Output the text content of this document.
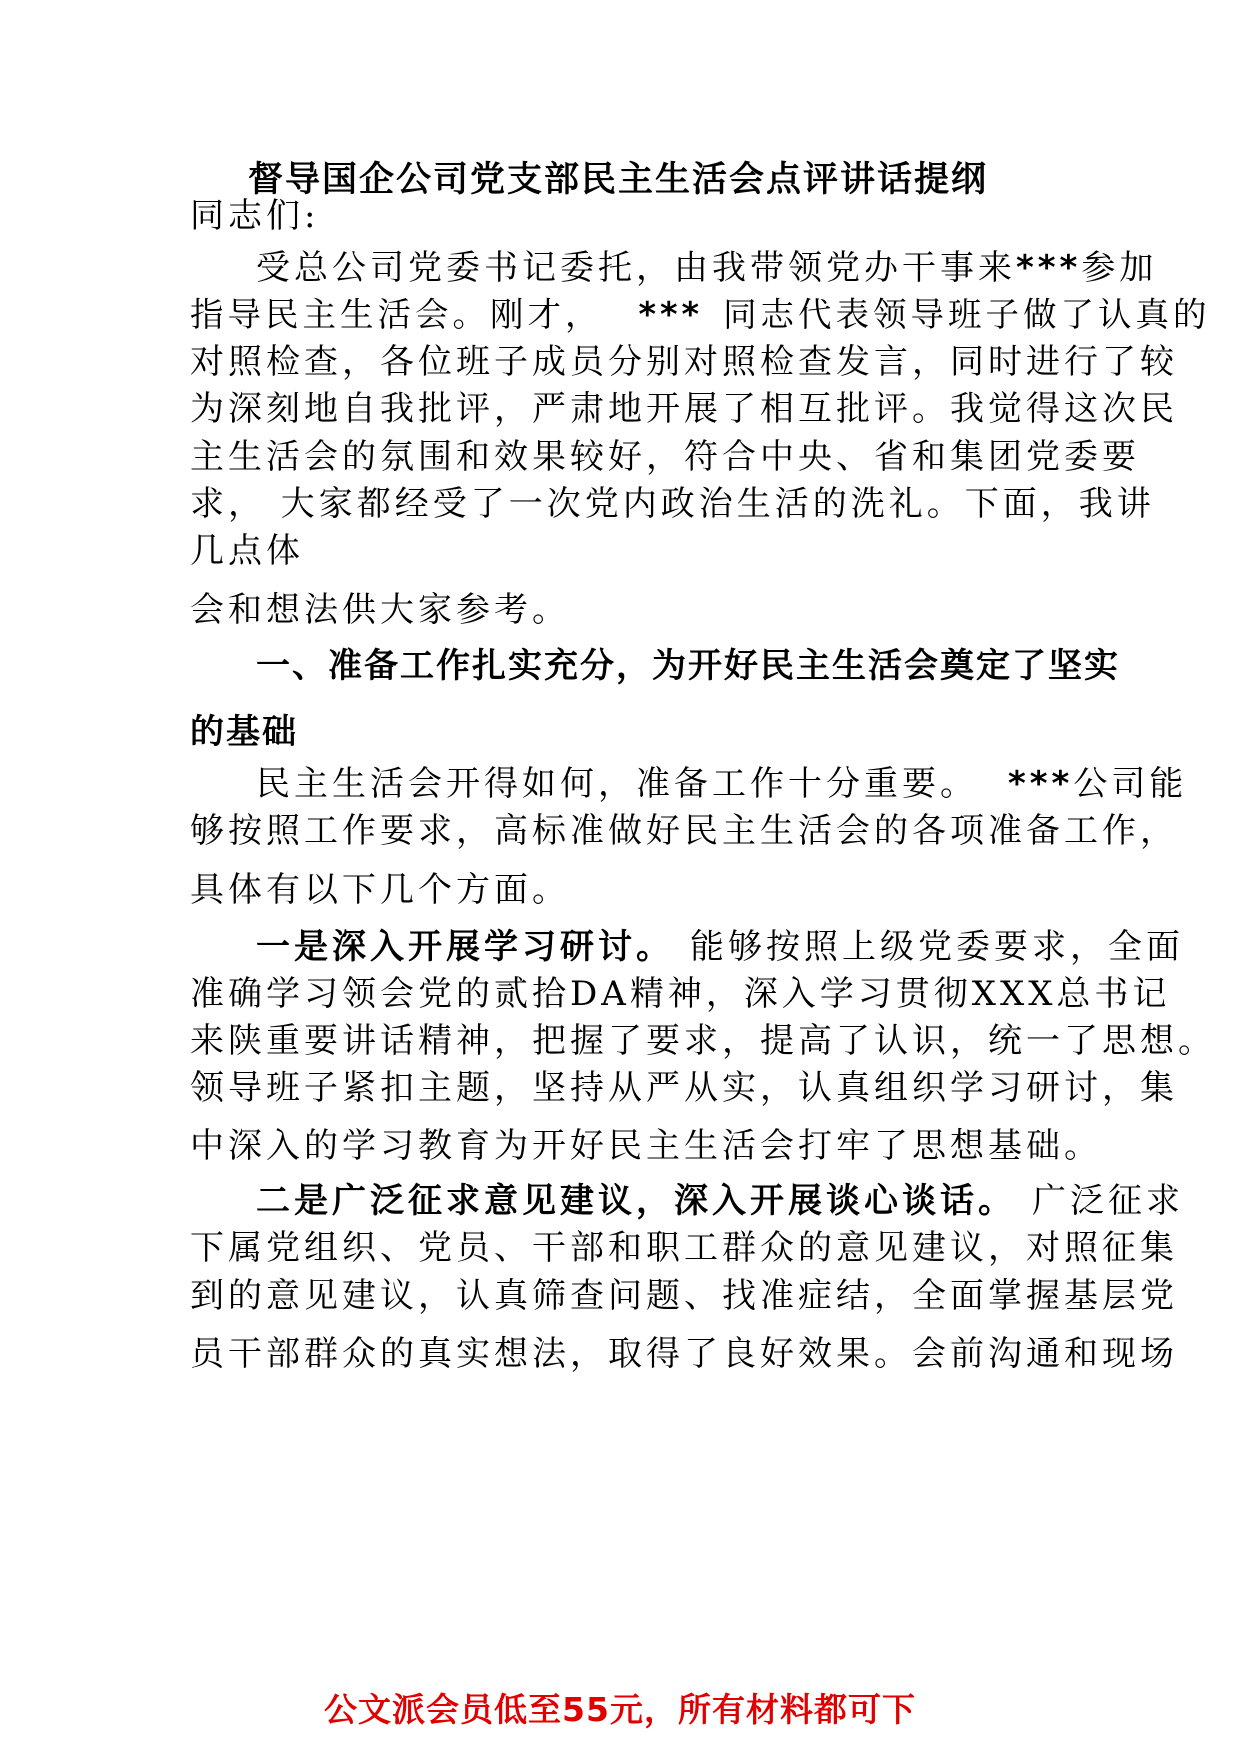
督导国企公司党支部民主生活会点评讲话提纲
同志们:
受总公司党委书记委托，由我带领党办干事来***参加
指导民主生活会。刚才， *** 同志代表领导班子做了认真的
对照检查，各位班子成员分别对照检查发言，同时进行了较
为深刻地自我批评，严肃地开展了相互批评。我觉得这次民
主生活会的氛围和效果较好，符合中央、省和集团党委要
求， 大家都经受了一次党内政治生活的洗礼。下面，我讲
几点体
会和想法供大家参考。
一、准备工作扎实充分，为开好民主生活会奠定了坚实
的基础
民主生活会开得如何，准备工作十分重要。 ***公司能
够按照工作要求，高标准做好民主生活会的各项准备工作，
具体有以下几个方面。
一是深入开展学习研讨。 能够按照上级党委要求，全面
准确学习领会党的贰拾DA精神，深入学习贯彻XXX总书记
来陕重要讲话精神，把握了要求，提高了认识，统一了思想。
领导班子紧扣主题，坚持从严从实，认真组织学习研讨，集
中深入的学习教育为开好民主生活会打牢了思想基础。
二是广泛征求意见建议，深入开展谈心谈话。 广泛征求
下属党组织、党员、干部和职工群众的意见建议，对照征集
到的意见建议，认真筛查问题、找准症结，全面掌握基层党
员干部群众的真实想法，取得了良好效果。会前沟通和现场
公文派会员低至55元，所有材料都可下
